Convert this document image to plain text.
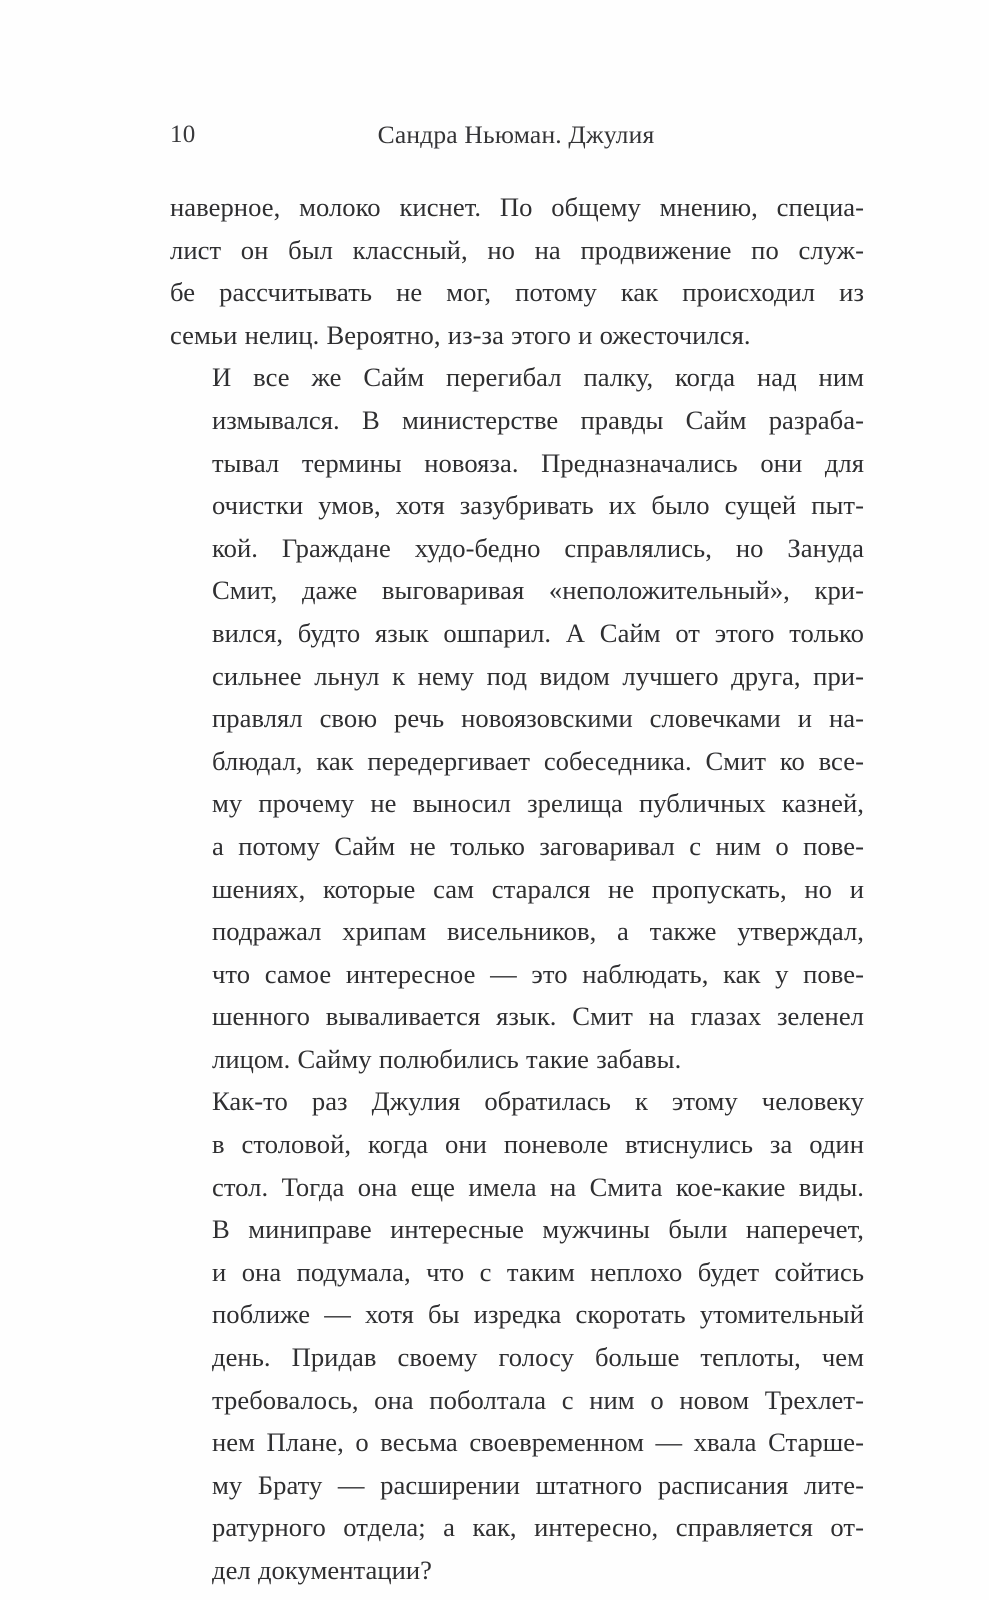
10	Сандра Ньюман. Джулия

наверное, молоко киснет. По общему мнению, специа-
лист он был классный, но на продвижение по служ-
бе рассчитывать не мог, потому как происходил из
семьи нелиц. Вероятно, из-за этого и ожесточился.

И все же Сайм перегибал палку, когда над ним
измывался. В министерстве правды Сайм разраба-
тывал термины новояза. Предназначались они для
очистки умов, хотя зазубривать их было сущей пыт-
кой. Граждане худо-бедно справлялись, но Зануда
Смит, даже выговаривая «неположительный», кри-
вился, будто язык ошпарил. А Сайм от этого только
сильнее льнул к нему под видом лучшего друга, при-
правлял свою речь новоязовскими словечками и на-
блюдал, как передергивает собеседника. Смит ко все-
му прочему не выносил зрелища публичных казней,
а потому Сайм не только заговаривал с ним о пове-
шениях, которые сам старался не пропускать, но и
подражал хрипам висельников, а также утверждал,
что самое интересное — это наблюдать, как у пове-
шенного вываливается язык. Смит на глазах зеленел
лицом. Сайму полюбились такие забавы.

Как-то раз Джулия обратилась к этому человеку
в столовой, когда они поневоле втиснулись за один
стол. Тогда она еще имела на Смита кое-какие виды.
В миниправе интересные мужчины были наперечет,
и она подумала, что с таким неплохо будет сойтись
поближе — хотя бы изредка скоротать утомительный
день. Придав своему голосу больше теплоты, чем
требовалось, она поболтала с ним о новом Трехлет-
нем Плане, о весьма своевременном — хвала Старше-
му Брату — расширении штатного расписания лите-
ратурного отдела; а как, интересно, справляется от-
дел документации?
